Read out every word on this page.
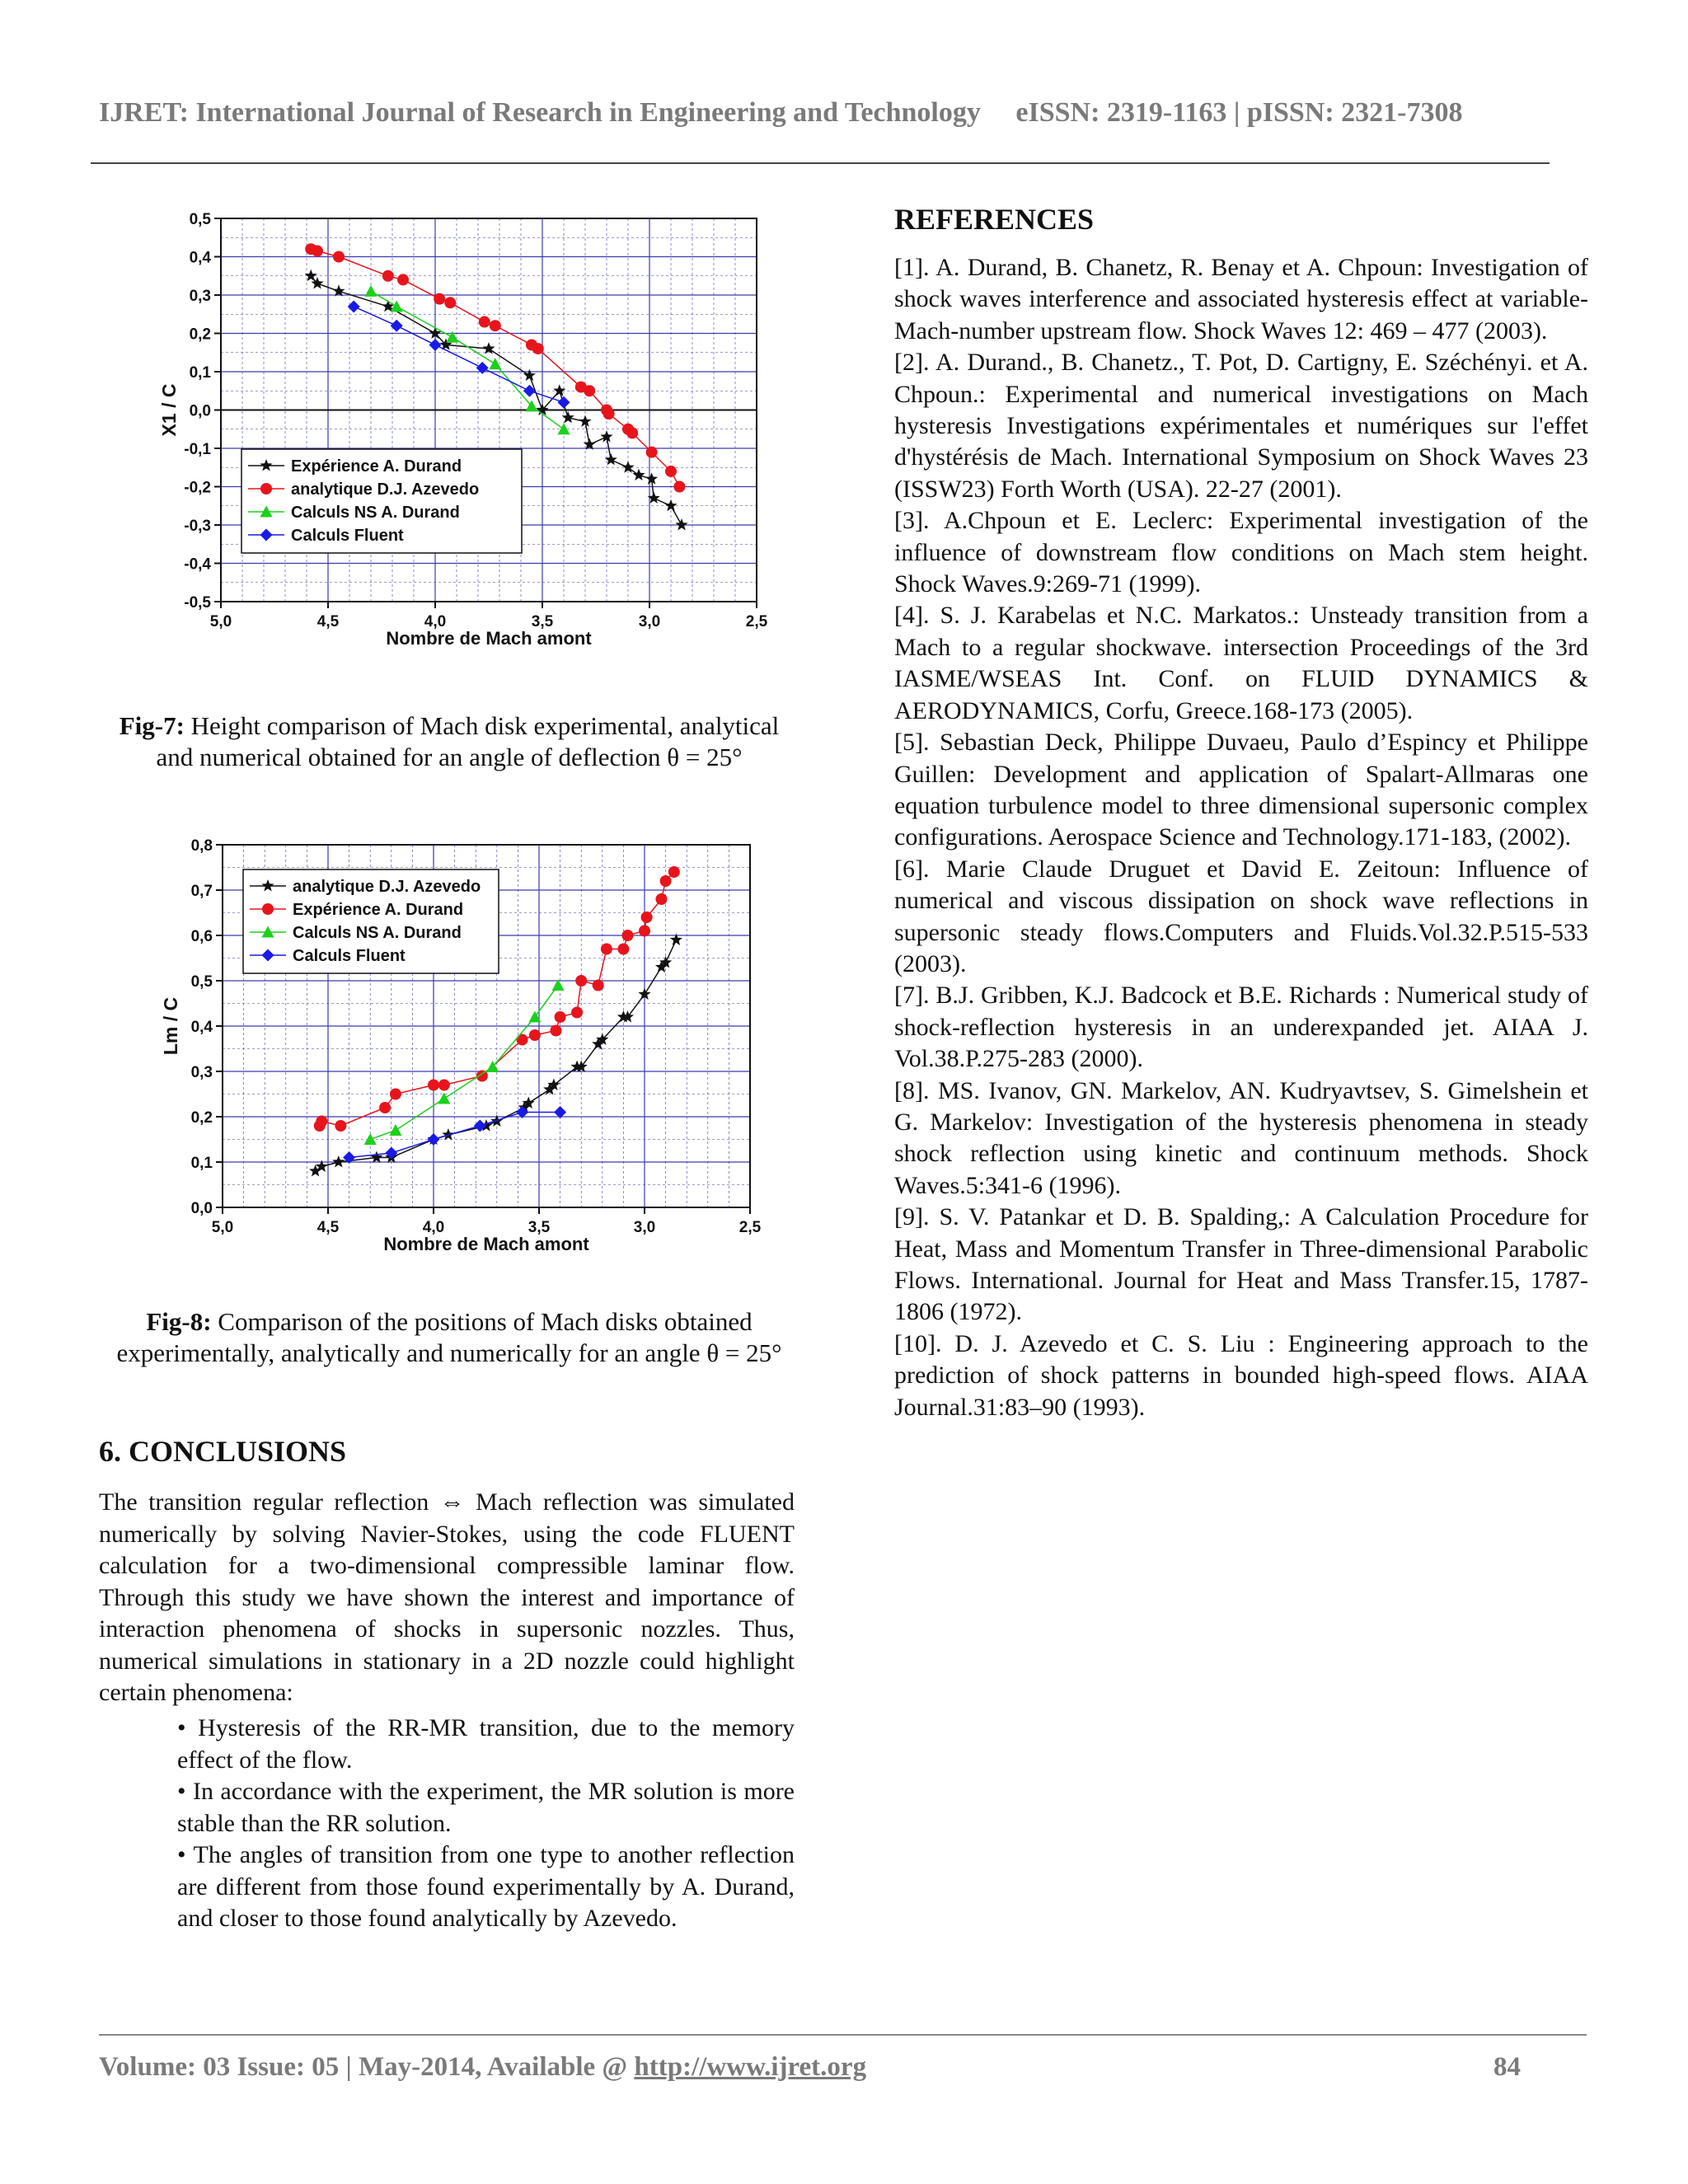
IJRET: International Journal of Research in Engineering and Technology eISSN: 2319-1163 | pISSN: 2321-7308
5,0	4,5	4,0	3,5	3,0	2,5
0,5
0,4
0,3
0,2
0,1
0,0
-0,1
-0,2
-0,3
-0,4
-0,5
Nombre de Mach amont
X1 / C
Expérience A. Durand
analytique D.J. Azevedo
Calculs NS A. Durand
Calculs Fluent
Fig-7: Height comparison of Mach disk experimental, analytical and numerical obtained for an angle of deflection θ = 25°
5,0	4,5	4,0	3,5	3,0	2,5
0,8
0,7
0,6
0,5
0,4
0,3
0,2
0,1
0,0
Nombre de Mach amont
Lm / C
analytique D.J. Azevedo
Expérience A. Durand
Calculs NS A. Durand
Calculs Fluent
Fig-8: Comparison of the positions of Mach disks obtained experimentally, analytically and numerically for an angle θ = 25°
6. CONCLUSIONS
The transition regular reflection ⇔ Mach reflection was simulated numerically by solving Navier-Stokes, using the code FLUENT calculation for a two-dimensional compressible laminar flow. Through this study we have shown the interest and importance of interaction phenomena of shocks in supersonic nozzles. Thus, numerical simulations in stationary in a 2D nozzle could highlight certain phenomena:
• Hysteresis of the RR-MR transition, due to the memory effect of the flow.
• In accordance with the experiment, the MR solution is more stable than the RR solution.
• The angles of transition from one type to another reflection are different from those found experimentally by A. Durand, and closer to those found analytically by Azevedo.
REFERENCES
[1]. A. Durand, B. Chanetz, R. Benay et A. Chpoun: Investigation of shock waves interference and associated hysteresis effect at variable-Mach-number upstream flow. Shock Waves 12: 469 – 477 (2003).
[2]. A. Durand., B. Chanetz., T. Pot, D. Cartigny, E. Széchényi. et A. Chpoun.: Experimental and numerical investigations on Mach hysteresis Investigations expérimentales et numériques sur l'effet d'hystérésis de Mach. International Symposium on Shock Waves 23 (ISSW23) Forth Worth (USA). 22-27 (2001).
[3]. A.Chpoun et E. Leclerc: Experimental investigation of the influence of downstream flow conditions on Mach stem height. Shock Waves.9:269-71 (1999).
[4]. S. J. Karabelas et N.C. Markatos.: Unsteady transition from a Mach to a regular shockwave. intersection Proceedings of the 3rd IASME/WSEAS Int. Conf. on FLUID DYNAMICS & AERODYNAMICS, Corfu, Greece.168-173 (2005).
[5]. Sebastian Deck, Philippe Duvaeu, Paulo d’Espincy et Philippe Guillen: Development and application of Spalart-Allmaras one equation turbulence model to three dimensional supersonic complex configurations. Aerospace Science and Technology.171-183, (2002).
[6]. Marie Claude Druguet et David E. Zeitoun: Influence of numerical and viscous dissipation on shock wave reflections in supersonic steady flows.Computers and Fluids.Vol.32.P.515-533 (2003).
[7]. B.J. Gribben, K.J. Badcock et B.E. Richards : Numerical study of shock-reflection hysteresis in an underexpanded jet. AIAA J. Vol.38.P.275-283 (2000).
[8]. MS. Ivanov, GN. Markelov, AN. Kudryavtsev, S. Gimelshein et G. Markelov: Investigation of the hysteresis phenomena in steady shock reflection using kinetic and continuum methods. Shock Waves.5:341-6 (1996).
[9]. S. V. Patankar et D. B. Spalding,: A Calculation Procedure for Heat, Mass and Momentum Transfer in Three-dimensional Parabolic Flows. International. Journal for Heat and Mass Transfer.15, 1787-1806 (1972).
[10]. D. J. Azevedo et C. S. Liu : Engineering approach to the prediction of shock patterns in bounded high-speed flows. AIAA Journal.31:83–90 (1993).
Volume: 03 Issue: 05 | May-2014, Available @ http://www.ijret.org	84
